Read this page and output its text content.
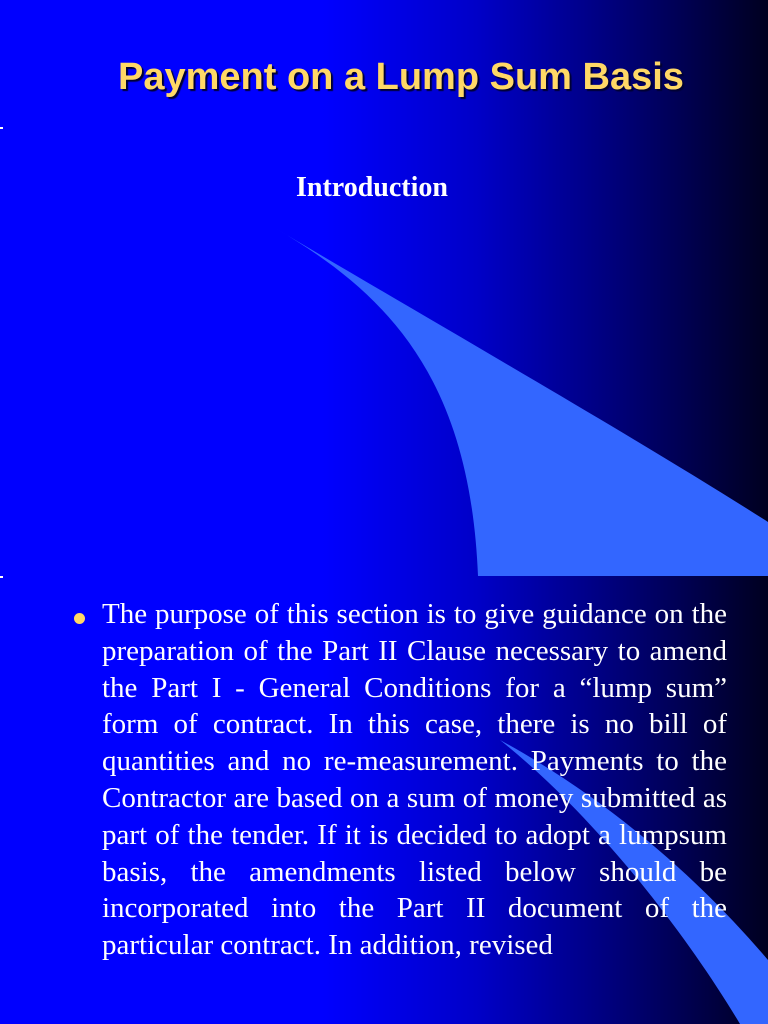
Payment on a Lump Sum Basis
Introduction

The purpose of this section is to give guidance on the preparation of the Part II Clause necessary to amend the Part I - General Conditions for a “lump sum” form of contract. In this case, there is no bill of quantities and no re-measurement. Payments to the Contractor are based on a sum of money submitted as part of the tender. If it is decided to adopt a lumpsum basis, the amendments listed below should be incorporated into the Part II document of the particular contract. In addition, revised
